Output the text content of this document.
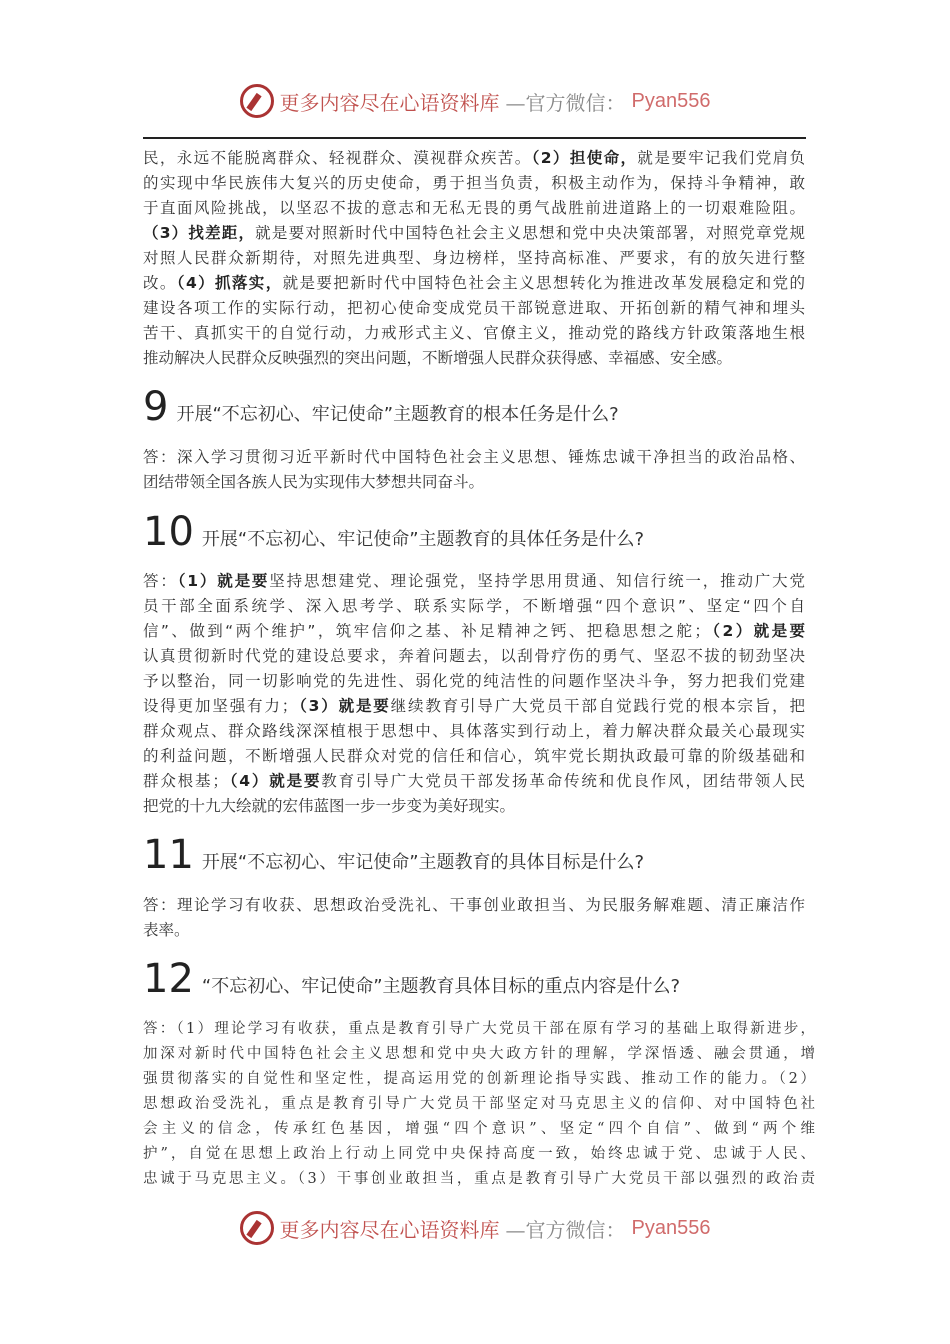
更多内容尽在心语资料库 —官方微信： Pyan556
民，永远不能脱离群众、轻视群众、漠视群众疾苦。（2）担使命，就是要牢记我们党肩负
的实现中华民族伟大复兴的历史使命，勇于担当负责，积极主动作为，保持斗争精神，敢
于直面风险挑战，以坚忍不拔的意志和无私无畏的勇气战胜前进道路上的一切艰难险阻。
（3）找差距，就是要对照新时代中国特色社会主义思想和党中央决策部署，对照党章党规
对照人民群众新期待，对照先进典型、身边榜样，坚持高标准、严要求，有的放矢进行整
改。（4）抓落实，就是要把新时代中国特色社会主义思想转化为推进改革发展稳定和党的
建设各项工作的实际行动，把初心使命变成党员干部锐意进取、开拓创新的精气神和埋头
苦干、真抓实干的自觉行动，力戒形式主义、官僚主义，推动党的路线方针政策落地生根
推动解决人民群众反映强烈的突出问题，不断增强人民群众获得感、幸福感、安全感。
9 开展“不忘初心、牢记使命”主题教育的根本任务是什么?
答：深入学习贯彻习近平新时代中国特色社会主义思想、锤炼忠诚干净担当的政治品格、
团结带领全国各族人民为实现伟大梦想共同奋斗。
10 开展“不忘初心、牢记使命”主题教育的具体任务是什么?
答：（1）就是要坚持思想建党、理论强党，坚持学思用贯通、知信行统一，推动广大党
员干部全面系统学、深入思考学、联系实际学，不断增强“四个意识”、坚定“四个自
信”、做到“两个维护”，筑牢信仰之基、补足精神之钙、把稳思想之舵；（2）就是要
认真贯彻新时代党的建设总要求，奔着问题去，以刮骨疗伤的勇气、坚忍不拔的韧劲坚决
予以整治，同一切影响党的先进性、弱化党的纯洁性的问题作坚决斗争，努力把我们党建
设得更加坚强有力；（3）就是要继续教育引导广大党员干部自觉践行党的根本宗旨，把
群众观点、群众路线深深植根于思想中、具体落实到行动上，着力解决群众最关心最现实
的利益问题，不断增强人民群众对党的信任和信心，筑牢党长期执政最可靠的阶级基础和
群众根基；（4）就是要教育引导广大党员干部发扬革命传统和优良作风，团结带领人民
把党的十九大绘就的宏伟蓝图一步一步变为美好现实。
11 开展“不忘初心、牢记使命”主题教育的具体目标是什么?
答：理论学习有收获、思想政治受洗礼、干事创业敢担当、为民服务解难题、清正廉洁作
表率。
12 “不忘初心、牢记使命”主题教育具体目标的重点内容是什么?
答：（1）理论学习有收获，重点是教育引导广大党员干部在原有学习的基础上取得新进步，
加深对新时代中国特色社会主义思想和党中央大政方针的理解，学深悟透、融会贯通，增
强贯彻落实的自觉性和坚定性，提高运用党的创新理论指导实践、推动工作的能力。（2）
思想政治受洗礼，重点是教育引导广大党员干部坚定对马克思主义的信仰、对中国特色社
会主义的信念，传承红色基因，增强“四个意识”、坚定“四个自信”、做到“两个维
护”，自觉在思想上政治上行动上同党中央保持高度一致，始终忠诚于党、忠诚于人民、
忠诚于马克思主义。（3）干事创业敢担当，重点是教育引导广大党员干部以强烈的政治责
更多内容尽在心语资料库 —官方微信： Pyan556
